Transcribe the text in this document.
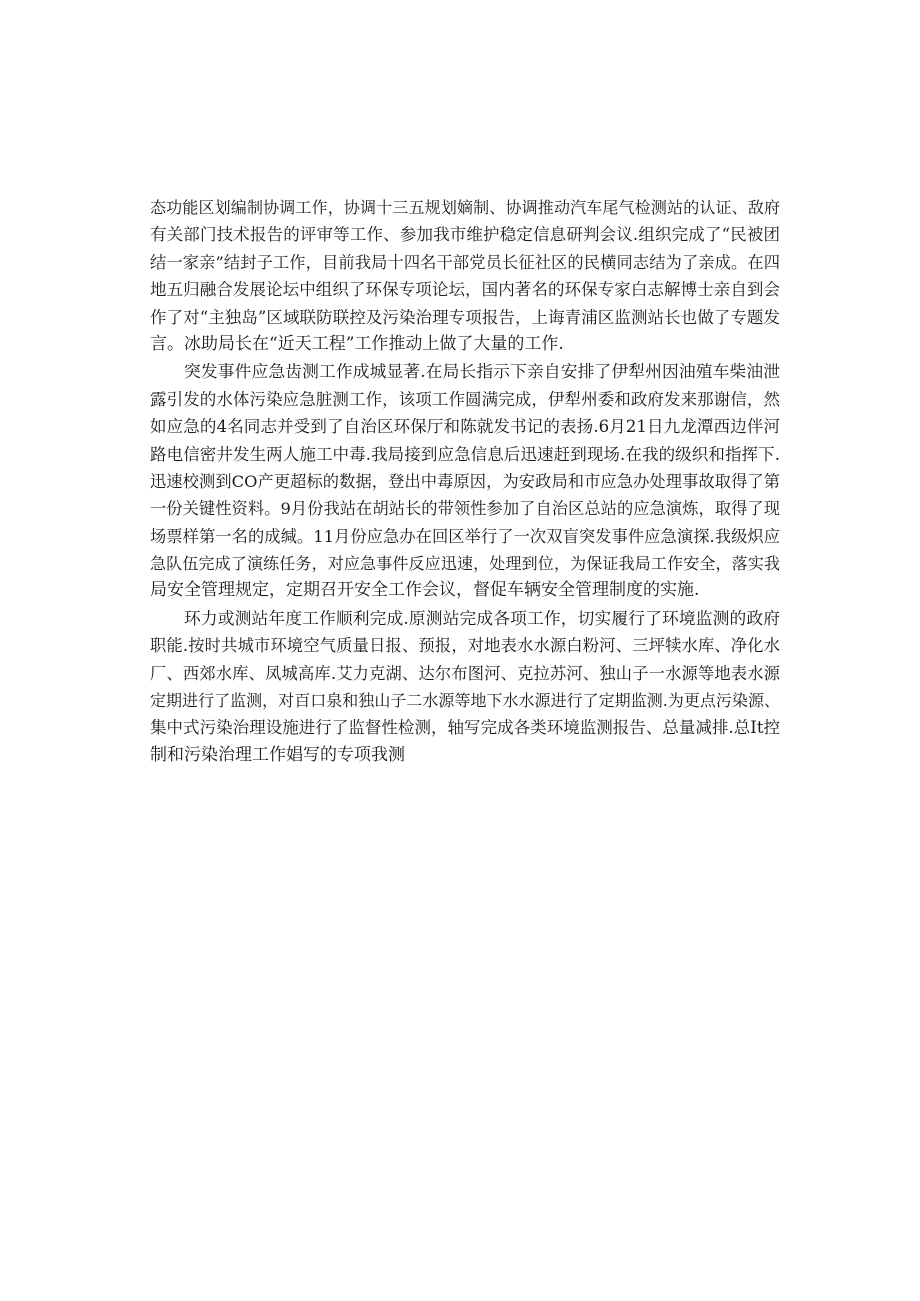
态功能区划编制协调工作，协调十三五规划嫡制、协调推动汽车尾气检测站的认证、敌府
有关部门技术报告的评审等工作、参加我市维护稳定信息研判会议.组织完成了“民被团
结一家亲”结封子工作，目前我局十四名干部党员长征社区的民横同志结为了亲成。在四
地五归融合发展论坛中组织了环保专项论坛，国内著名的环保专家白志解博士亲自到会
作了对“主独岛”区域联防联控及污染治理专项报告，上诲青浦区监测站长也做了专题发
言。冰助局长在“近天工程”工作推动上做了大量的工作.
突发事件应急齿测工作成城显著.在局长指示下亲自安排了伊犁州因油殖车柴油泄
露引发的水体污染应急脏测工作，该项工作圆满完成，伊犁州委和政府发来那谢信，然
如应急的4名同志并受到了自治区环保厅和陈就发书记的表扬.6月21日九龙潭西边伴河
路电信密井发生两人施工中毒.我局接到应急信息后迅速赶到现场.在我的级织和指挥下.
迅速校测到CO产更超标的数据，登出中毒原因，为安政局和市应急办处理事故取得了第
一份关键性资料。9月份我站在胡站长的带领性参加了自治区总站的应急演炼，取得了现
场票样第一名的成缄。11月份应急办在回区举行了一次双盲突发事件应急演探.我级炽应
急队伍完成了演练任务，对应急事件反应迅速，处理到位，为保证我局工作安全，落实我
局安全管理规定，定期召开安全工作会议，督促车辆安全管理制度的实施.
环力或测站年度工作顺利完成.原测站完成各项工作，切实履行了环境监测的政府
职能.按时共城市环境空气质量日报、预报，对地表水水源白粉河、三坪犊水库、净化水
厂、西郊水库、凤城高库.艾力克湖、达尔布图河、克拉苏河、独山子一水源等地表水源
定期进行了监测，对百口泉和独山子二水源等地下水水源进行了定期监测.为更点污染源、
集中式污染治理设施进行了监督性检测，轴写完成各类环境监测报告、总量减排.总It控
制和污染治理工作娼写的专项我测
